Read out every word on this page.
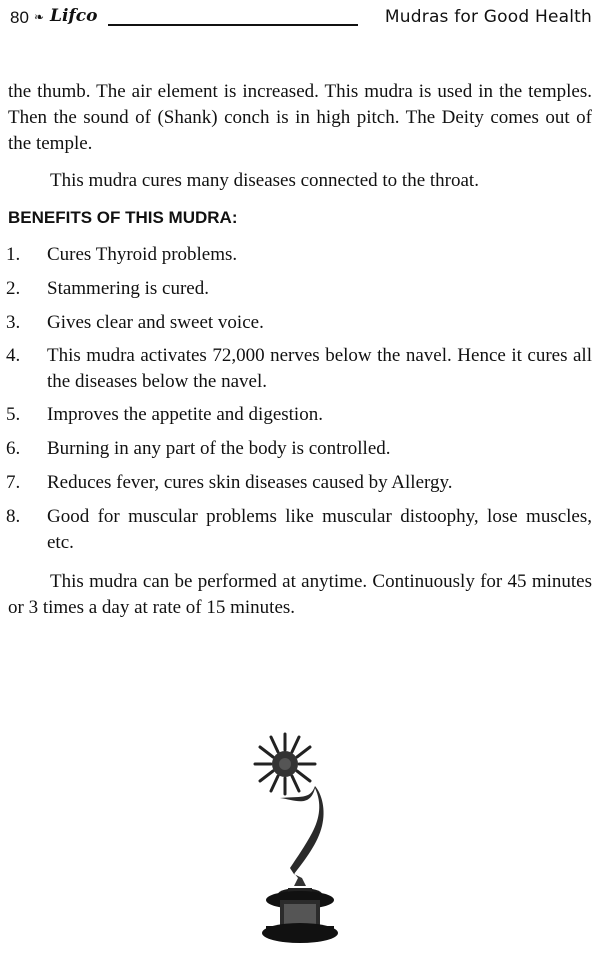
80 ❧ Lifco	Mudras for Good Health
the thumb. The air element is increased. This mudra is used in the temples. Then the sound of (Shank) conch is in high pitch. The Deity comes out of the temple.
This mudra cures many diseases connected to the throat.
BENEFITS OF THIS MUDRA:
1. Cures Thyroid problems.
2. Stammering is cured.
3. Gives clear and sweet voice.
4. This mudra activates 72,000 nerves below the navel. Hence it cures all the diseases below the navel.
5. Improves the appetite and digestion.
6. Burning in any part of the body is controlled.
7. Reduces fever, cures skin diseases caused by Allergy.
8. Good for muscular problems like muscular distoophy, lose muscles, etc.
This mudra can be performed at anytime. Continuously for 45 minutes or 3 times a day at rate of 15 minutes.
